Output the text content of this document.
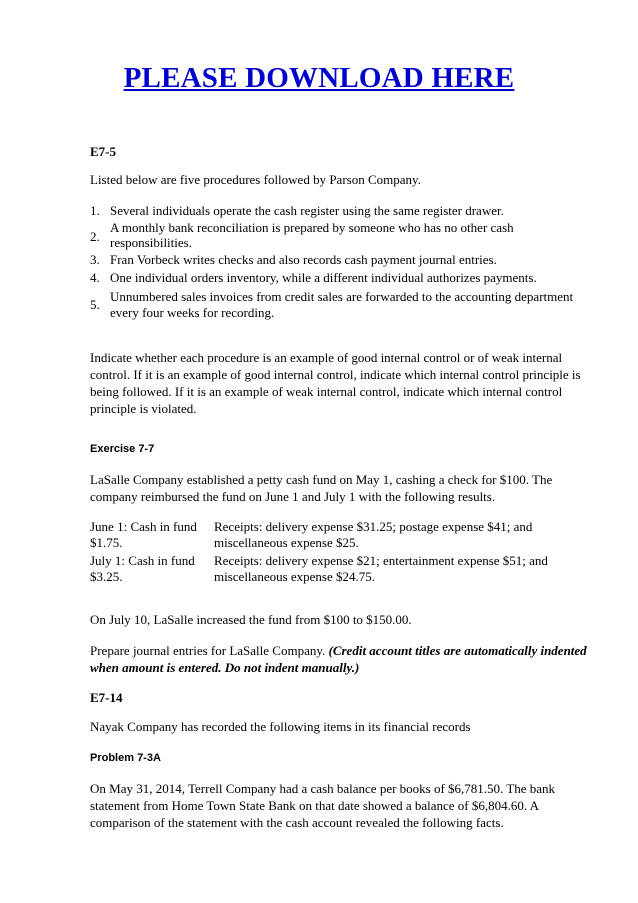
PLEASE DOWNLOAD HERE
E7-5
Listed below are five procedures followed by Parson Company.
1. Several individuals operate the cash register using the same register drawer.
2.
A monthly bank reconciliation is prepared by someone who has no other cash
responsibilities.
3. Fran Vorbeck writes checks and also records cash payment journal entries.
4. One individual orders inventory, while a different individual authorizes payments.
5.
Unnumbered sales invoices from credit sales are forwarded to the accounting department
every four weeks for recording.
Indicate whether each procedure is an example of good internal control or of weak internal
control. If it is an example of good internal control, indicate which internal control principle is
being followed. If it is an example of weak internal control, indicate which internal control
principle is violated.
Exercise 7-7
LaSalle Company established a petty cash fund on May 1, cashing a check for $100. The
company reimbursed the fund on June 1 and July 1 with the following results.
June 1: Cash in fund
$1.75.
Receipts: delivery expense $31.25; postage expense $41; and
miscellaneous expense $25.
July 1: Cash in fund
$3.25.
Receipts: delivery expense $21; entertainment expense $51; and
miscellaneous expense $24.75.
On July 10, LaSalle increased the fund from $100 to $150.00.
Prepare journal entries for LaSalle Company. (Credit account titles are automatically indented
when amount is entered. Do not indent manually.)
E7-14
Nayak Company has recorded the following items in its financial records
Problem 7-3A
On May 31, 2014, Terrell Company had a cash balance per books of $6,781.50. The bank
statement from Home Town State Bank on that date showed a balance of $6,804.60. A
comparison of the statement with the cash account revealed the following facts.
